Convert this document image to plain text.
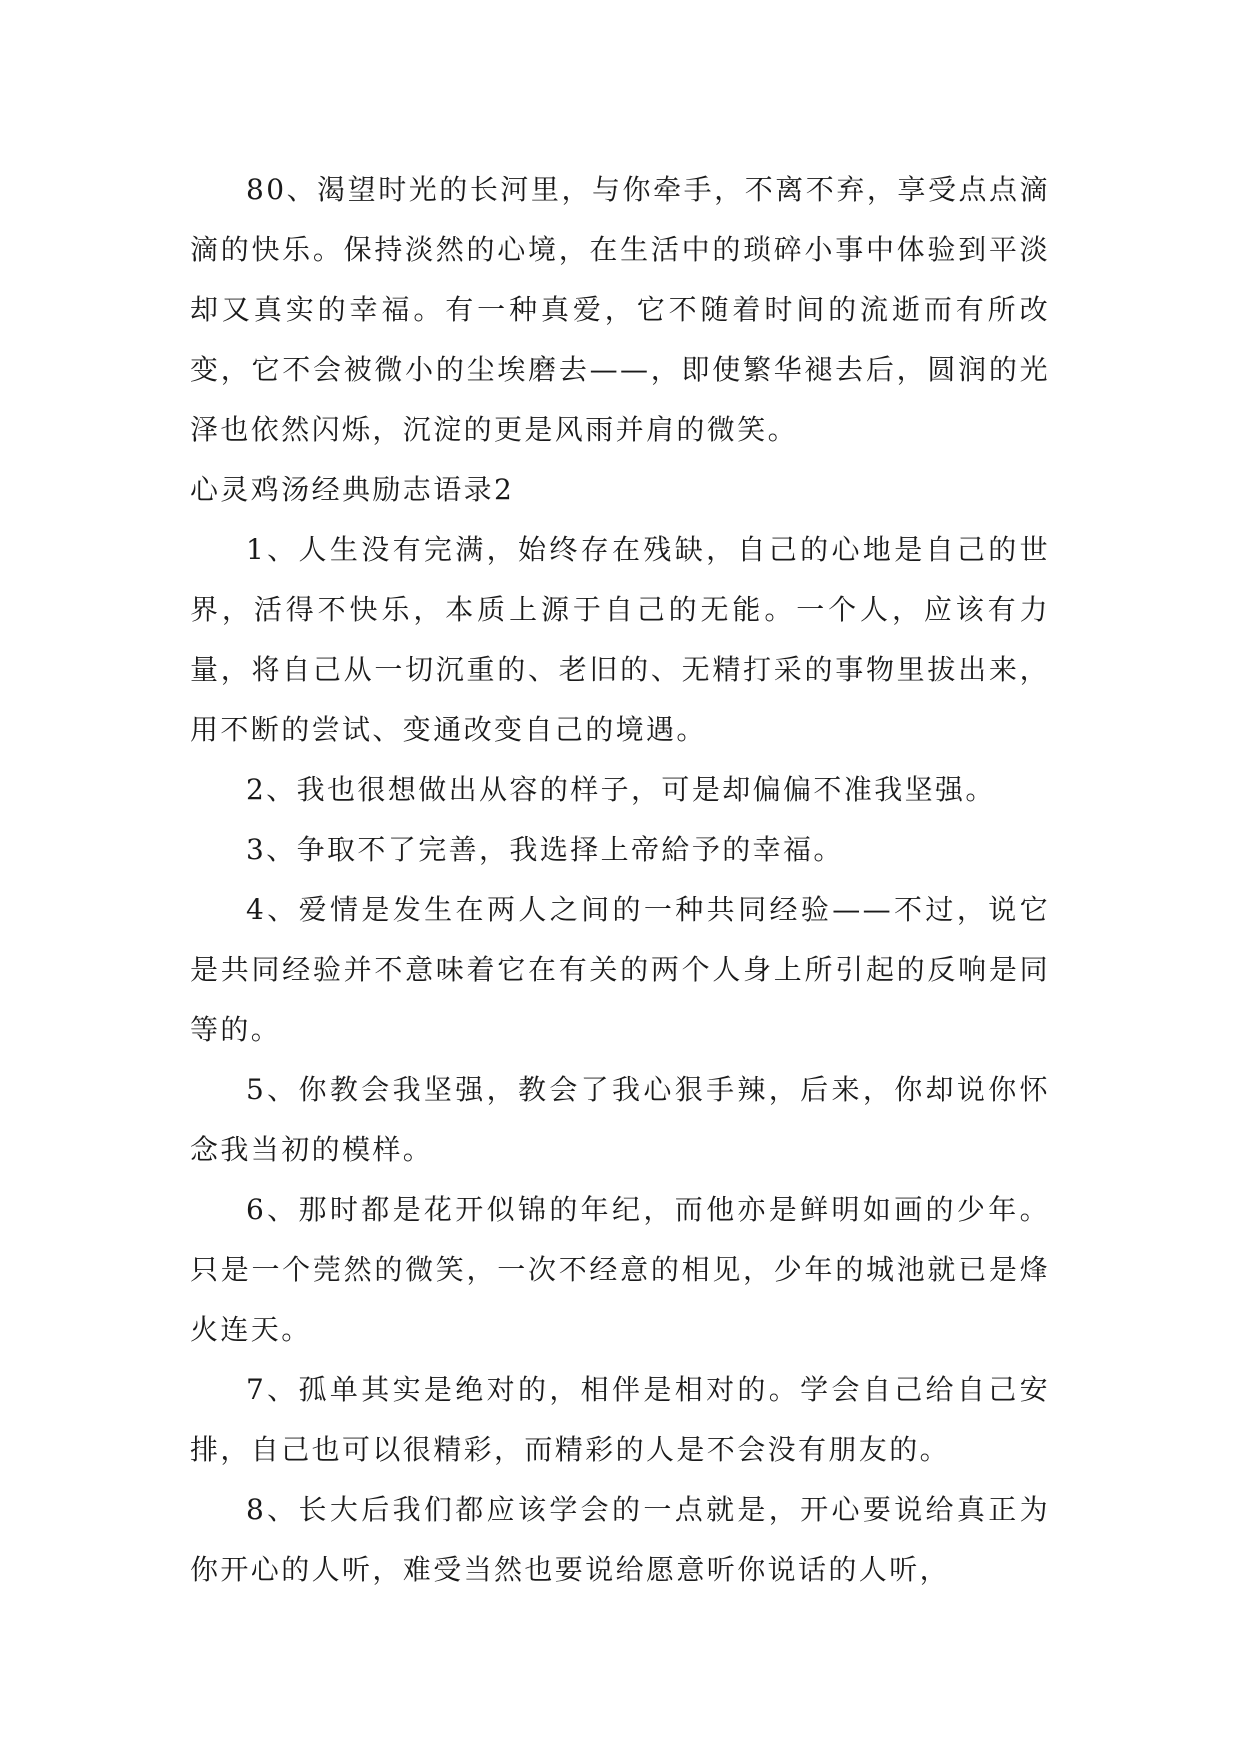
80、渴望时光的长河里，与你牵手，不离不弃，享受点点滴滴的快乐。保持淡然的心境，在生活中的琐碎小事中体验到平淡却又真实的幸福。有一种真爱，它不随着时间的流逝而有所改变，它不会被微小的尘埃磨去——，即使繁华褪去后，圆润的光泽也依然闪烁，沉淀的更是风雨并肩的微笑。

心灵鸡汤经典励志语录2

1、人生没有完满，始终存在残缺，自己的心地是自己的世界，活得不快乐，本质上源于自己的无能。一个人，应该有力量，将自己从一切沉重的、老旧的、无精打采的事物里拔出来，用不断的尝试、变通改变自己的境遇。

2、我也很想做出从容的样子，可是却偏偏不准我坚强。

3、争取不了完善，我选择上帝給予的幸福。

4、爱情是发生在两人之间的一种共同经验——不过，说它是共同经验并不意味着它在有关的两个人身上所引起的反响是同等的。

5、你教会我坚强，教会了我心狠手辣，后来，你却说你怀念我当初的模样。

6、那时都是花开似锦的年纪，而他亦是鲜明如画的少年。只是一个莞然的微笑，一次不经意的相见，少年的城池就已是烽火连天。

7、孤单其实是绝对的，相伴是相对的。学会自己给自己安排，自己也可以很精彩，而精彩的人是不会没有朋友的。

8、长大后我们都应该学会的一点就是，开心要说给真正为你开心的人听，难受当然也要说给愿意听你说话的人听，
